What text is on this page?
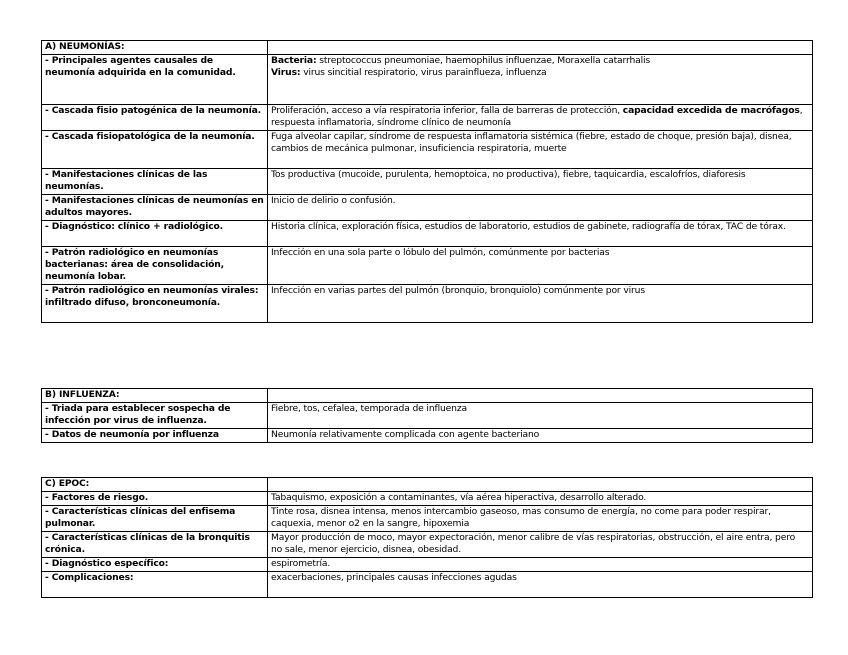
A) NEUMONÍAS:	
- Principales agentes causales de neumonía adquirida en la comunidad.	Bacteria: streptococcus pneumoniae, haemophilus influenzae, Moraxella catarrhalis
Virus: virus sincitial respiratorio, virus parainflueza, influenza

- Cascada fisio patogénica de la neumonía.	Proliferación, acceso a vía respiratoria inferior, falla de barreras de protección, capacidad excedida de macrófagos, respuesta inflamatoria, síndrome clínico de neumonía
- Cascada fisiopatológica de la neumonía.	Fuga alveolar capilar, síndrome de respuesta inflamatoria sistémica (fiebre, estado de choque, presión baja), disnea, cambios de mecánica pulmonar, insuficiencia respiratoria, muerte
- Manifestaciones clínicas de las neumonías.	Tos productiva (mucoide, purulenta, hemoptoica, no productiva), fiebre, taquicardia, escalofríos, diaforesis
- Manifestaciones clínicas de neumonías en adultos mayores.	Inicio de delirio o confusión.
- Diagnóstico: clínico + radiológico.	Historia clínica, exploración física, estudios de laboratorio, estudios de gabinete, radiografía de tórax, TAC de tórax.
- Patrón radiológico en neumonías bacterianas: área de consolidación, neumonía lobar.	Infección en una sola parte o lóbulo del pulmón, comúnmente por bacterias
- Patrón radiológico en neumonías virales: infiltrado difuso, bronconeumonía.	Infección en varias partes del pulmón (bronquio, bronquiolo) comúnmente por virus
B) INFLUENZA:	
- Triada para establecer sospecha de infección por virus de influenza.	Fiebre, tos, cefalea, temporada de influenza
- Datos de neumonía por influenza	Neumonía relativamente complicada con agente bacteriano
C) EPOC:	
- Factores de riesgo.	Tabaquismo, exposición a contaminantes, vía aérea hiperactiva, desarrollo alterado.
- Características clínicas del enfisema pulmonar.	Tinte rosa, disnea intensa, menos intercambio gaseoso, mas consumo de energía, no come para poder respirar, caquexia, menor o2 en la sangre, hipoxemia
- Características clínicas de la bronquitis crónica.	Mayor producción de moco, mayor expectoración, menor calibre de vías respiratorias, obstrucción, el aire entra, pero no sale, menor ejercicio, disnea, obesidad.
- Diagnóstico específico:	espirometría.
- Complicaciones:	exacerbaciones, principales causas infecciones agudas
